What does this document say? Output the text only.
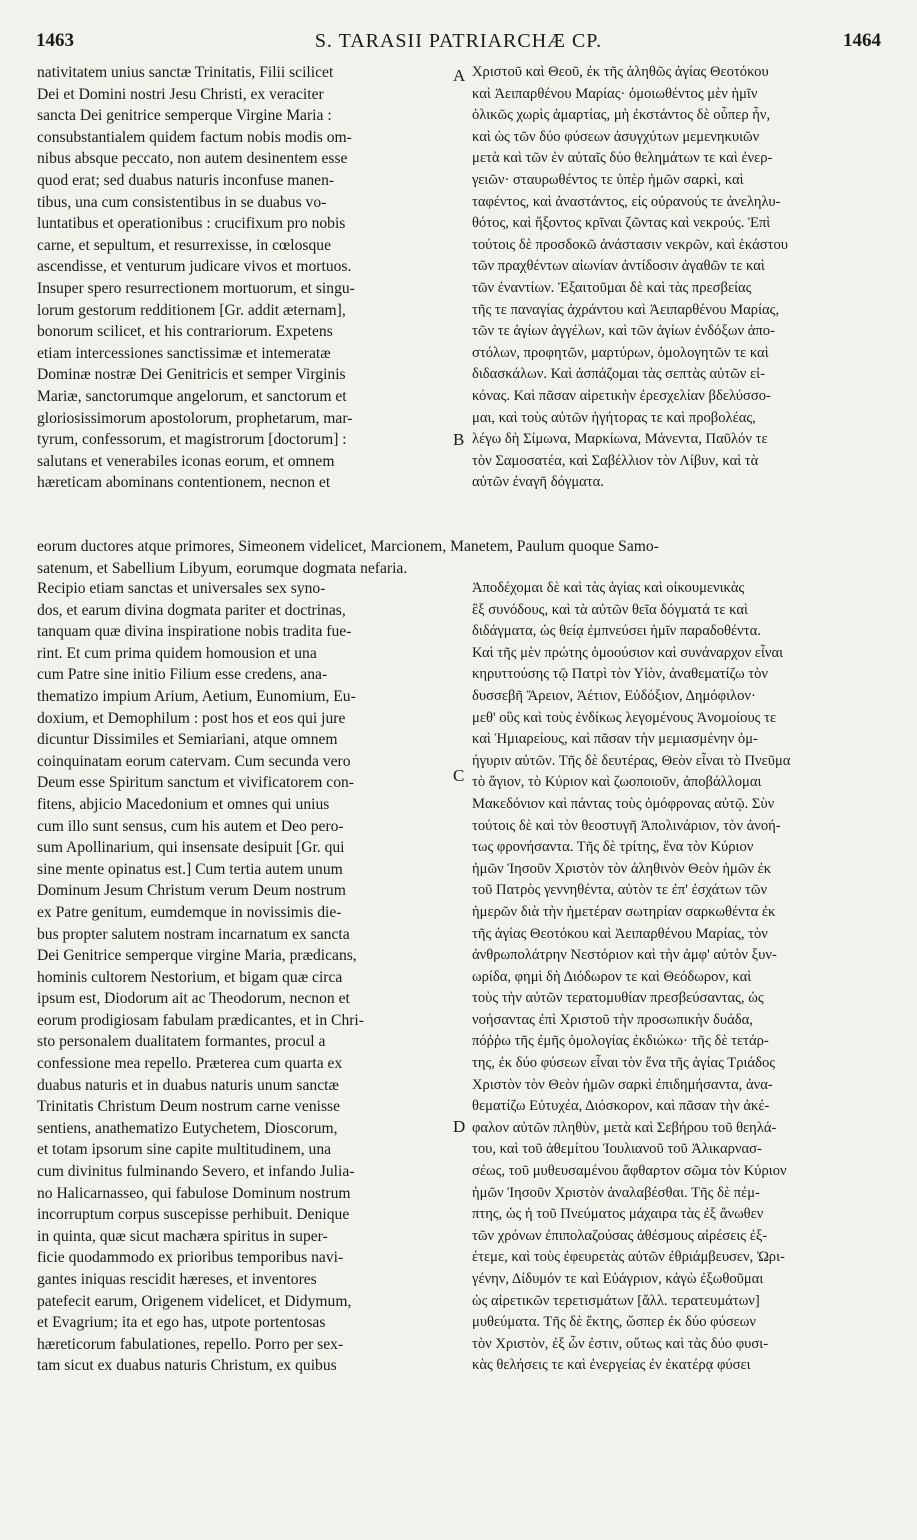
1463	S. TARASII PATRIARCHÆ CP.	1464
nativitatem unius sanctæ Trinitatis, Filii scilicet
Dei et Domini nostri Jesu Christi, ex veraciter
sancta Dei genitrice semperque Virgine Maria :
consubstantialem quidem factum nobis modis om-
nibus absque peccato, non autem desinentem esse
quod erat; sed duabus naturis inconfuse manen-
tibus, una cum consistentibus in se duabus vo-
luntatibus et operationibus : crucifixum pro nobis
carne, et sepultum, et resurrexisse, in cœlosque
ascendisse, et venturum judicare vivos et mortuos.
Insuper spero resurrectionem mortuorum, et singu-
lorum gestorum redditionem [Gr. addit æternam],
bonorum scilicet, et his contrariorum. Expetens
etiam intercessiones sanctissimæ et intemeratæ
Dominæ nostræ Dei Genitricis et semper Virginis
Mariæ, sanctorumque angelorum, et sanctorum et
gloriosissimorum apostolorum, prophetarum, mar-
tyrum, confessorum, et magistrorum [doctorum] :
salutans et venerabiles iconas eorum, et omnem
hæreticam abominans contentionem, necnon et
Χριστοῦ καὶ Θεοῦ, ἐκ τῆς ἀληθῶς ἁγίας Θεοτόκου
καὶ Ἀειπαρθένου Μαρίας· ὁμοιωθέντος μὲν ἡμῖν
ὁλικῶς χωρὶς ἁμαρτίας, μὴ ἐκστάντος δὲ οὗπερ ἦν,
καὶ ὡς τῶν δύο φύσεων ἀσυγχύτων μεμενηκυιῶν
μετὰ καὶ τῶν ἐν αὐταῖς δύο θελημάτων τε καὶ ἐνερ-
γειῶν· σταυρωθέντος τε ὑπὲρ ἡμῶν σαρκὶ, καὶ
ταφέντος, καὶ ἀναστάντος, εἰς οὐρανούς τε ἀνεληλυ-
θότος, καὶ ἥξοντος κρῖναι ζῶντας καὶ νεκρούς. Ἐπὶ
τούτοις δὲ προσδοκῶ ἀνάστασιν νεκρῶν, καὶ ἑκάστου
τῶν πραχθέντων αἰωνίαν ἀντίδοσιν ἀγαθῶν τε καὶ
τῶν ἐναντίων. Ἐξαιτοῦμαι δὲ καὶ τὰς πρεσβείας
τῆς τε παναγίας ἀχράντου καὶ Ἀειπαρθένου Μαρίας,
τῶν τε ἁγίων ἀγγέλων, καὶ τῶν ἁγίων ἐνδόξων ἀπο-
στόλων, προφητῶν, μαρτύρων, ὁμολογητῶν τε καὶ
διδασκάλων. Καὶ ἀσπάζομαι τὰς σεπτὰς αὐτῶν εἰ-
κόνας. Καὶ πᾶσαν αἱρετικὴν ἐρεσχελίαν βδελύσσο-
μαι, καὶ τοὺς αὐτῶν ἡγήτορας τε καὶ προβολέας,
λέγω δὴ Σίμωνα, Μαρκίωνα, Μάνεντα, Παῦλόν τε
τὸν Σαμοσατέα, καὶ Σαβέλλιον τὸν Λίβυν, καὶ τὰ
αὐτῶν ἐναγῆ δόγματα.
eorum ductores atque primores, Simeonem videlicet, Marcionem, Manetem, Paulum quoque Samo-
satenum, et Sabellium Libyum, eorumque dogmata nefaria.
Recipio etiam sanctas et universales sex syno-
dos, et earum divina dogmata pariter et doctrinas,
tanquam quæ divina inspiratione nobis tradita fue-
rint. Et cum prima quidem homousion et una
cum Patre sine initio Filium esse credens, ana-
thematizo impium Arium, Aetium, Eunomium, Eu-
doxium, et Demophilum : post hos et eos qui jure
dicuntur Dissimiles et Semiariani, atque omnem
coinquinatam eorum catervam. Cum secunda vero
Deum esse Spiritum sanctum et vivificatorem con-
fitens, abjicio Macedonium et omnes qui unius
cum illo sunt sensus, cum his autem et Deo pero-
sum Apollinarium, qui insensate desipuit [Gr. qui
sine mente opinatus est.] Cum tertia autem unum
Dominum Jesum Christum verum Deum nostrum
ex Patre genitum, eumdemque in novissimis die-
bus propter salutem nostram incarnatum ex sancta
Dei Genitrice semperque virgine Maria, prædicans,
hominis cultorem Nestorium, et bigam quæ circa
ipsum est, Diodorum ait ac Theodorum, necnon et
eorum prodigiosam fabulam prædicantes, et in Chri-
sto personalem dualitatem formantes, procul a
confessione mea repello. Præterea cum quarta ex
duabus naturis et in duabus naturis unum sanctæ
Trinitatis Christum Deum nostrum carne venisse
sentiens, anathematizo Eutychetem, Dioscorum,
et totam ipsorum sine capite multitudinem, una
cum divinitus fulminando Severo, et infando Julia-
no Halicarnasseo, qui fabulose Dominum nostrum
incorruptum corpus suscepisse perhibuit. Denique
in quinta, quæ sicut machæra spiritus in super-
ficie quodammodo ex prioribus temporibus navi-
gantes iniquas rescidit hæreses, et inventores
patefecit earum, Origenem videlicet, et Didymum,
et Evagrium; ita et ego has, utpote portentosas
hæreticorum fabulationes, repello. Porro per sex-
tam sicut ex duabus naturis Christum, ex quibus
Ἀποδέχομαι δὲ καὶ τὰς ἁγίας καὶ οἰκουμενικὰς
ἓξ συνόδους, καὶ τὰ αὐτῶν θεῖα δόγματά τε καὶ
διδάγματα, ὡς θείᾳ ἐμπνεύσει ἡμῖν παραδοθέντα.
Καὶ τῆς μὲν πρώτης ὁμοούσιον καὶ συνάναρχον εἶναι
κηρυττούσης τῷ Πατρὶ τὸν Υἱὸν, ἀναθεματίζω τὸν
δυσσεβῆ Ἄρειον, Ἀέτιον, Εὐδόξιον, Δημόφιλον·
μεθ' οὓς καὶ τοὺς ἐνδίκως λεγομένους Ἀνομοίους τε
καὶ Ἡμιαρείους, καὶ πᾶσαν τὴν μεμιασμένην ὁμ-
ήγυριν αὐτῶν. Τῆς δὲ δευτέρας, Θεὸν εἶναι τὸ Πνεῦμα
τὸ ἅγιον, τὸ Κύριον καὶ ζωοποιοῦν, ἀποβάλλομαι
Μακεδόνιον καὶ πάντας τοὺς ὁμόφρονας αὐτῷ. Σὺν
τούτοις δὲ καὶ τὸν θεοστυγῆ Ἀπολινάριον, τὸν ἀνοή-
τως φρονήσαντα. Τῆς δὲ τρίτης, ἕνα τὸν Κύριον
ἡμῶν Ἰησοῦν Χριστὸν τὸν ἀληθινὸν Θεὸν ἡμῶν ἐκ
τοῦ Πατρὸς γεννηθέντα, αὐτὸν τε ἐπ' ἐσχάτων τῶν
ἡμερῶν διὰ τὴν ἡμετέραν σωτηρίαν σαρκωθέντα ἐκ
τῆς ἁγίας Θεοτόκου καὶ Ἀειπαρθένου Μαρίας, τὸν
ἀνθρωπολάτρην Νεστόριον καὶ τὴν ἀμφ' αὐτὸν ξυν-
ωρίδα, φημὶ δὴ Διόδωρον τε καὶ Θεόδωρον, καὶ
τοὺς τὴν αὐτῶν τερατομυθίαν πρεσβεύσαντας, ὡς
νοήσαντας ἐπὶ Χριστοῦ τὴν προσωπικὴν δυάδα,
πόῤῥω τῆς ἐμῆς ὁμολογίας ἐκδιώκω· τῆς δὲ τετάρ-
της, ἐκ δύο φύσεων εἶναι τὸν ἕνα τῆς ἁγίας Τριάδος
Χριστὸν τὸν Θεὸν ἡμῶν σαρκὶ ἐπιδημήσαντα, ἀνα-
θεματίζω Εὐτυχέα, Διόσκορον, καὶ πᾶσαν τὴν ἀκέ-
φαλον αὐτῶν πληθὺν, μετὰ καὶ Σεβήρου τοῦ θεηλά-
του, καὶ τοῦ ἀθεμίτου Ἰουλιανοῦ τοῦ Ἀλικαρνασ-
σέως, τοῦ μυθευσαμένου ἄφθαρτον σῶμα τὸν Κύριον
ἡμῶν Ἰησοῦν Χριστὸν ἀναλαβέσθαι. Τῆς δὲ πέμ-
πτης, ὡς ἡ τοῦ Πνεύματος μάχαιρα τὰς ἐξ ἄνωθεν
τῶν χρόνων ἐπιπολαζούσας ἀθέσμους αἱρέσεις ἐξ-
έτεμε, καὶ τοὺς ἐφευρετὰς αὐτῶν ἐθριάμβευσεν, Ὠρι-
γένην, Δίδυμόν τε καὶ Εὐάγριον, κἀγὼ ἐξωθοῦμαι
ὡς αἱρετικῶν τερετισμάτων [ἄλλ. τερατευμάτων]
μυθεύματα. Τῆς δὲ ἕκτης, ὥσπερ ἐκ δύο φύσεων
τὸν Χριστὸν, ἐξ ὧν ἐστιν, οὕτως καὶ τὰς δύο φυσι-
κὰς θελήσεις τε καὶ ἐνεργείας ἐν ἑκατέρᾳ φύσει
A
B
C
D
